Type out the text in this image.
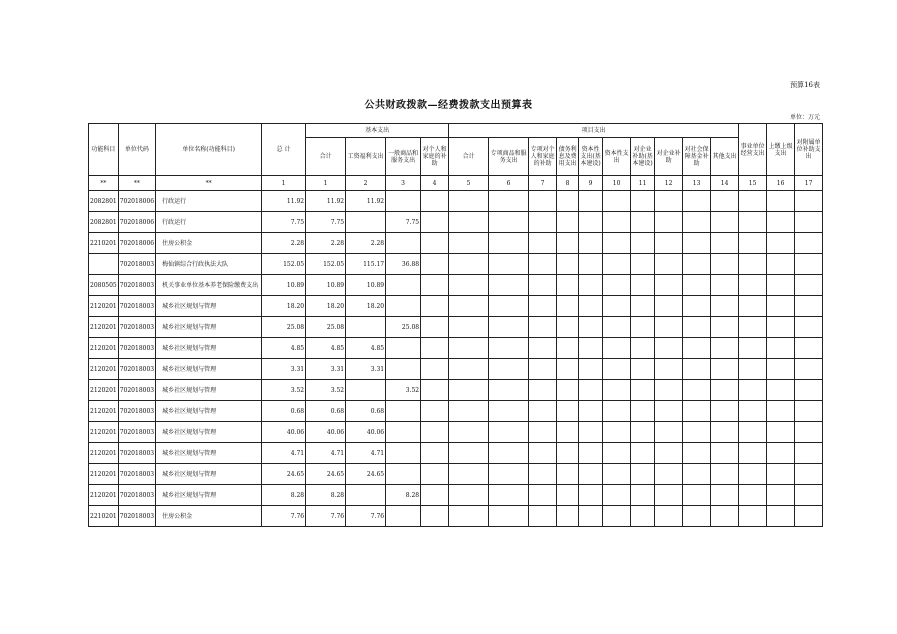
预算16表
公共财政拨款—经费拨款支出预算表
单位：万元
功能科目	单位代码	单位名称(功能科目)	总 计	基本支出				项目支出										事业单位经营支出	上缴上级支出	对附属单位补助支出
				合计	工资福利支出	一般商品和服务支出	对个人和家庭的补助	合计	专项商品和服务支出	专项对个人和家庭的补助	债务利息及费用支出	资本性支出(基本建设)	资本性支出	对企业补助(基本建设)	对企业补助	对社会保障基金补助	其他支出			
**	**	**	1	1	2	3	4	5	6	7	8	9	10	11	12	13	14	15	16	17
2082801	702018006	行政运行	11.92	11.92	11.92															
2082801	702018006	行政运行	7.75	7.75		7.75														
2210201	702018006	住房公积金	2.28	2.28	2.28															
	702018003	梅仙镇综合行政执法大队	152.05	152.05	115.17	36.88														
2080505	702018003	机关事业单位基本养老保险缴费支出	10.89	10.89	10.89															
2120201	702018003	城乡社区规划与管理	18.20	18.20	18.20															
2120201	702018003	城乡社区规划与管理	25.08	25.08		25.08														
2120201	702018003	城乡社区规划与管理	4.85	4.85	4.85															
2120201	702018003	城乡社区规划与管理	3.31	3.31	3.31															
2120201	702018003	城乡社区规划与管理	3.52	3.52		3.52														
2120201	702018003	城乡社区规划与管理	0.68	0.68	0.68															
2120201	702018003	城乡社区规划与管理	40.06	40.06	40.06															
2120201	702018003	城乡社区规划与管理	4.71	4.71	4.71															
2120201	702018003	城乡社区规划与管理	24.65	24.65	24.65															
2120201	702018003	城乡社区规划与管理	8.28	8.28		8.28														
2210201	702018003	住房公积金	7.76	7.76	7.76															
